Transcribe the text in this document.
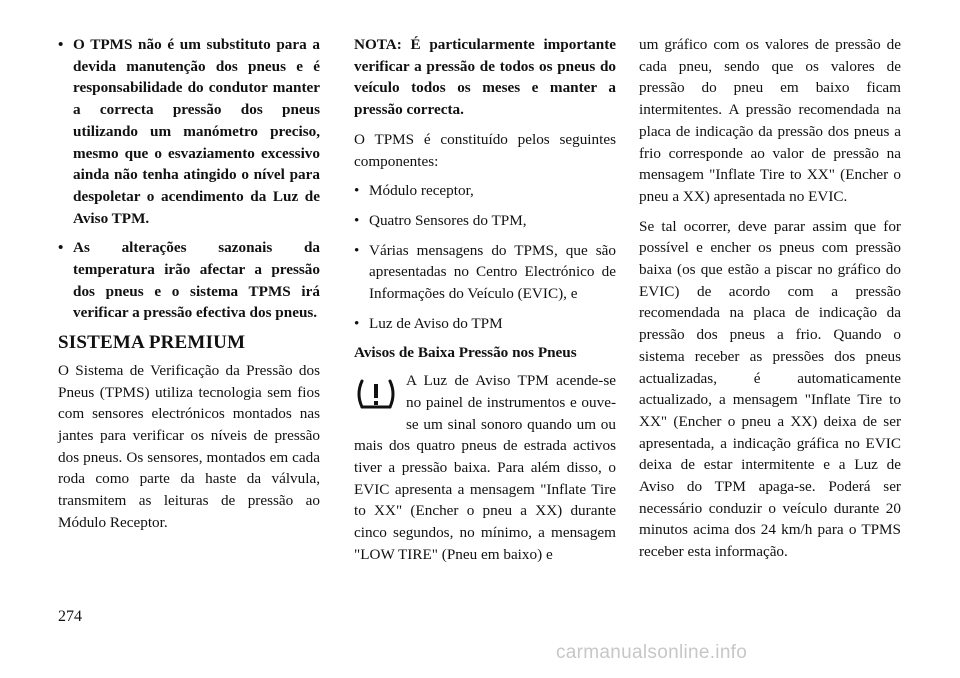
• O TPMS não é um substituto para a devida manutenção dos pneus e é responsabilidade do condutor manter a correcta pressão dos pneus utilizando um manómetro preciso, mesmo que o esvaziamento excessivo ainda não tenha atingido o nível para despoletar o acendimento da Luz de Aviso TPM.
• As alterações sazonais da temperatura irão afectar a pressão dos pneus e o sistema TPMS irá verificar a pressão efectiva dos pneus.
SISTEMA PREMIUM

O Sistema de Verificação da Pressão dos Pneus (TPMS) utiliza tecnologia sem fios com sensores electrónicos montados nas jantes para verificar os níveis de pressão dos pneus. Os sensores, montados em cada roda como parte da haste da válvula, transmitem as leituras de pressão ao Módulo Receptor.

NOTA: É particularmente importante verificar a pressão de todos os pneus do veículo todos os meses e manter a pressão correcta.

O TPMS é constituído pelos seguintes componentes:

• Módulo receptor,
• Quatro Sensores do TPM,
• Várias mensagens do TPMS, que são apresentadas no Centro Electrónico de Informações do Veículo (EVIC), e
• Luz de Aviso do TPM
Avisos de Baixa Pressão nos Pneus
A Luz de Aviso TPM acende-se no painel de instrumentos e ouve-se um sinal sonoro quando um ou mais dos quatro pneus de estrada activos tiver a pressão baixa. Para além disso, o EVIC apresenta a mensagem "Inflate Tire to XX" (Encher o pneu a XX) durante cinco segundos, no mínimo, a mensagem "LOW TIRE" (Pneu em baixo) e

um gráfico com os valores de pressão de cada pneu, sendo que os valores de pressão do pneu em baixo ficam intermitentes. A pressão recomendada na placa de indicação da pressão dos pneus a frio corresponde ao valor de pressão na mensagem "Inflate Tire to XX" (Encher o pneu a XX) apresentada no EVIC.

Se tal ocorrer, deve parar assim que for possível e encher os pneus com pressão baixa (os que estão a piscar no gráfico do EVIC) de acordo com a pressão recomendada na placa de indicação da pressão dos pneus a frio. Quando o sistema receber as pressões dos pneus actualizadas, é automaticamente actualizado, a mensagem "Inflate Tire to XX" (Encher o pneu a XX) deixa de ser apresentada, a indicação gráfica no EVIC deixa de estar intermitente e a Luz de Aviso do TPM apaga-se. Poderá ser necessário conduzir o veículo durante 20 minutos acima dos 24 km/h para o TPMS receber esta informação.

274
carmanualsonline.info
